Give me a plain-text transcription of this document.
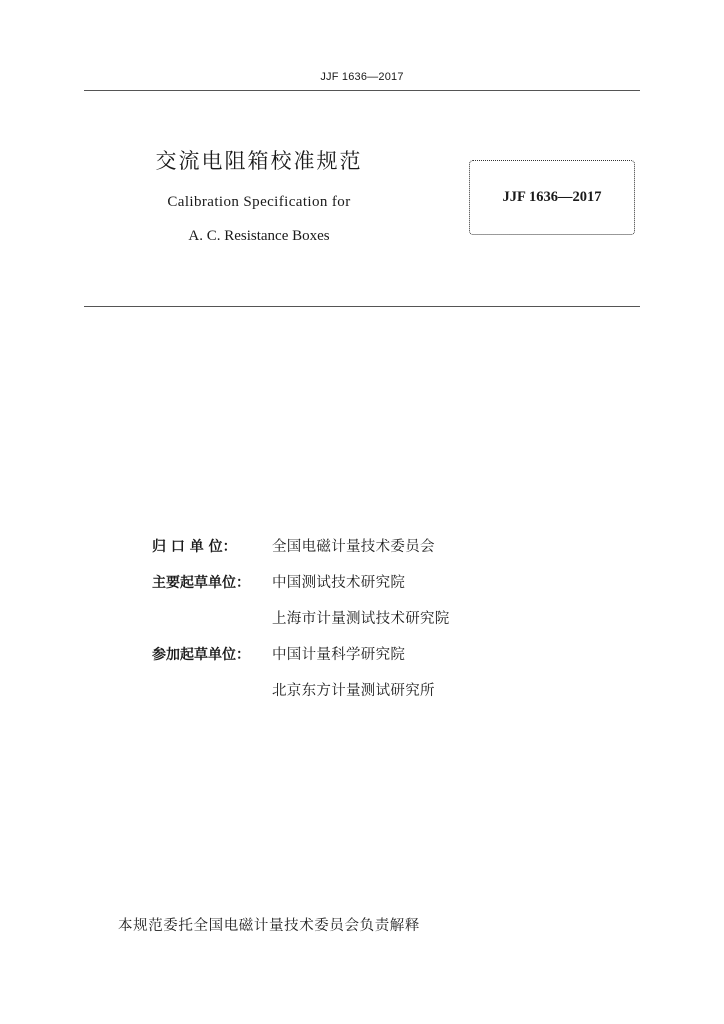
JJF 1636—2017

交流电阻箱校准规范

Calibration Specification for

A. C. Resistance Boxes

JJF 1636—2017
归 口 单 位：	全国电磁计量技术委员会
主要起草单位：	中国测试技术研究院
上海市计量测试技术研究院
参加起草单位：	中国计量科学研究院
北京东方计量测试研究所
本规范委托全国电磁计量技术委员会负责解释
